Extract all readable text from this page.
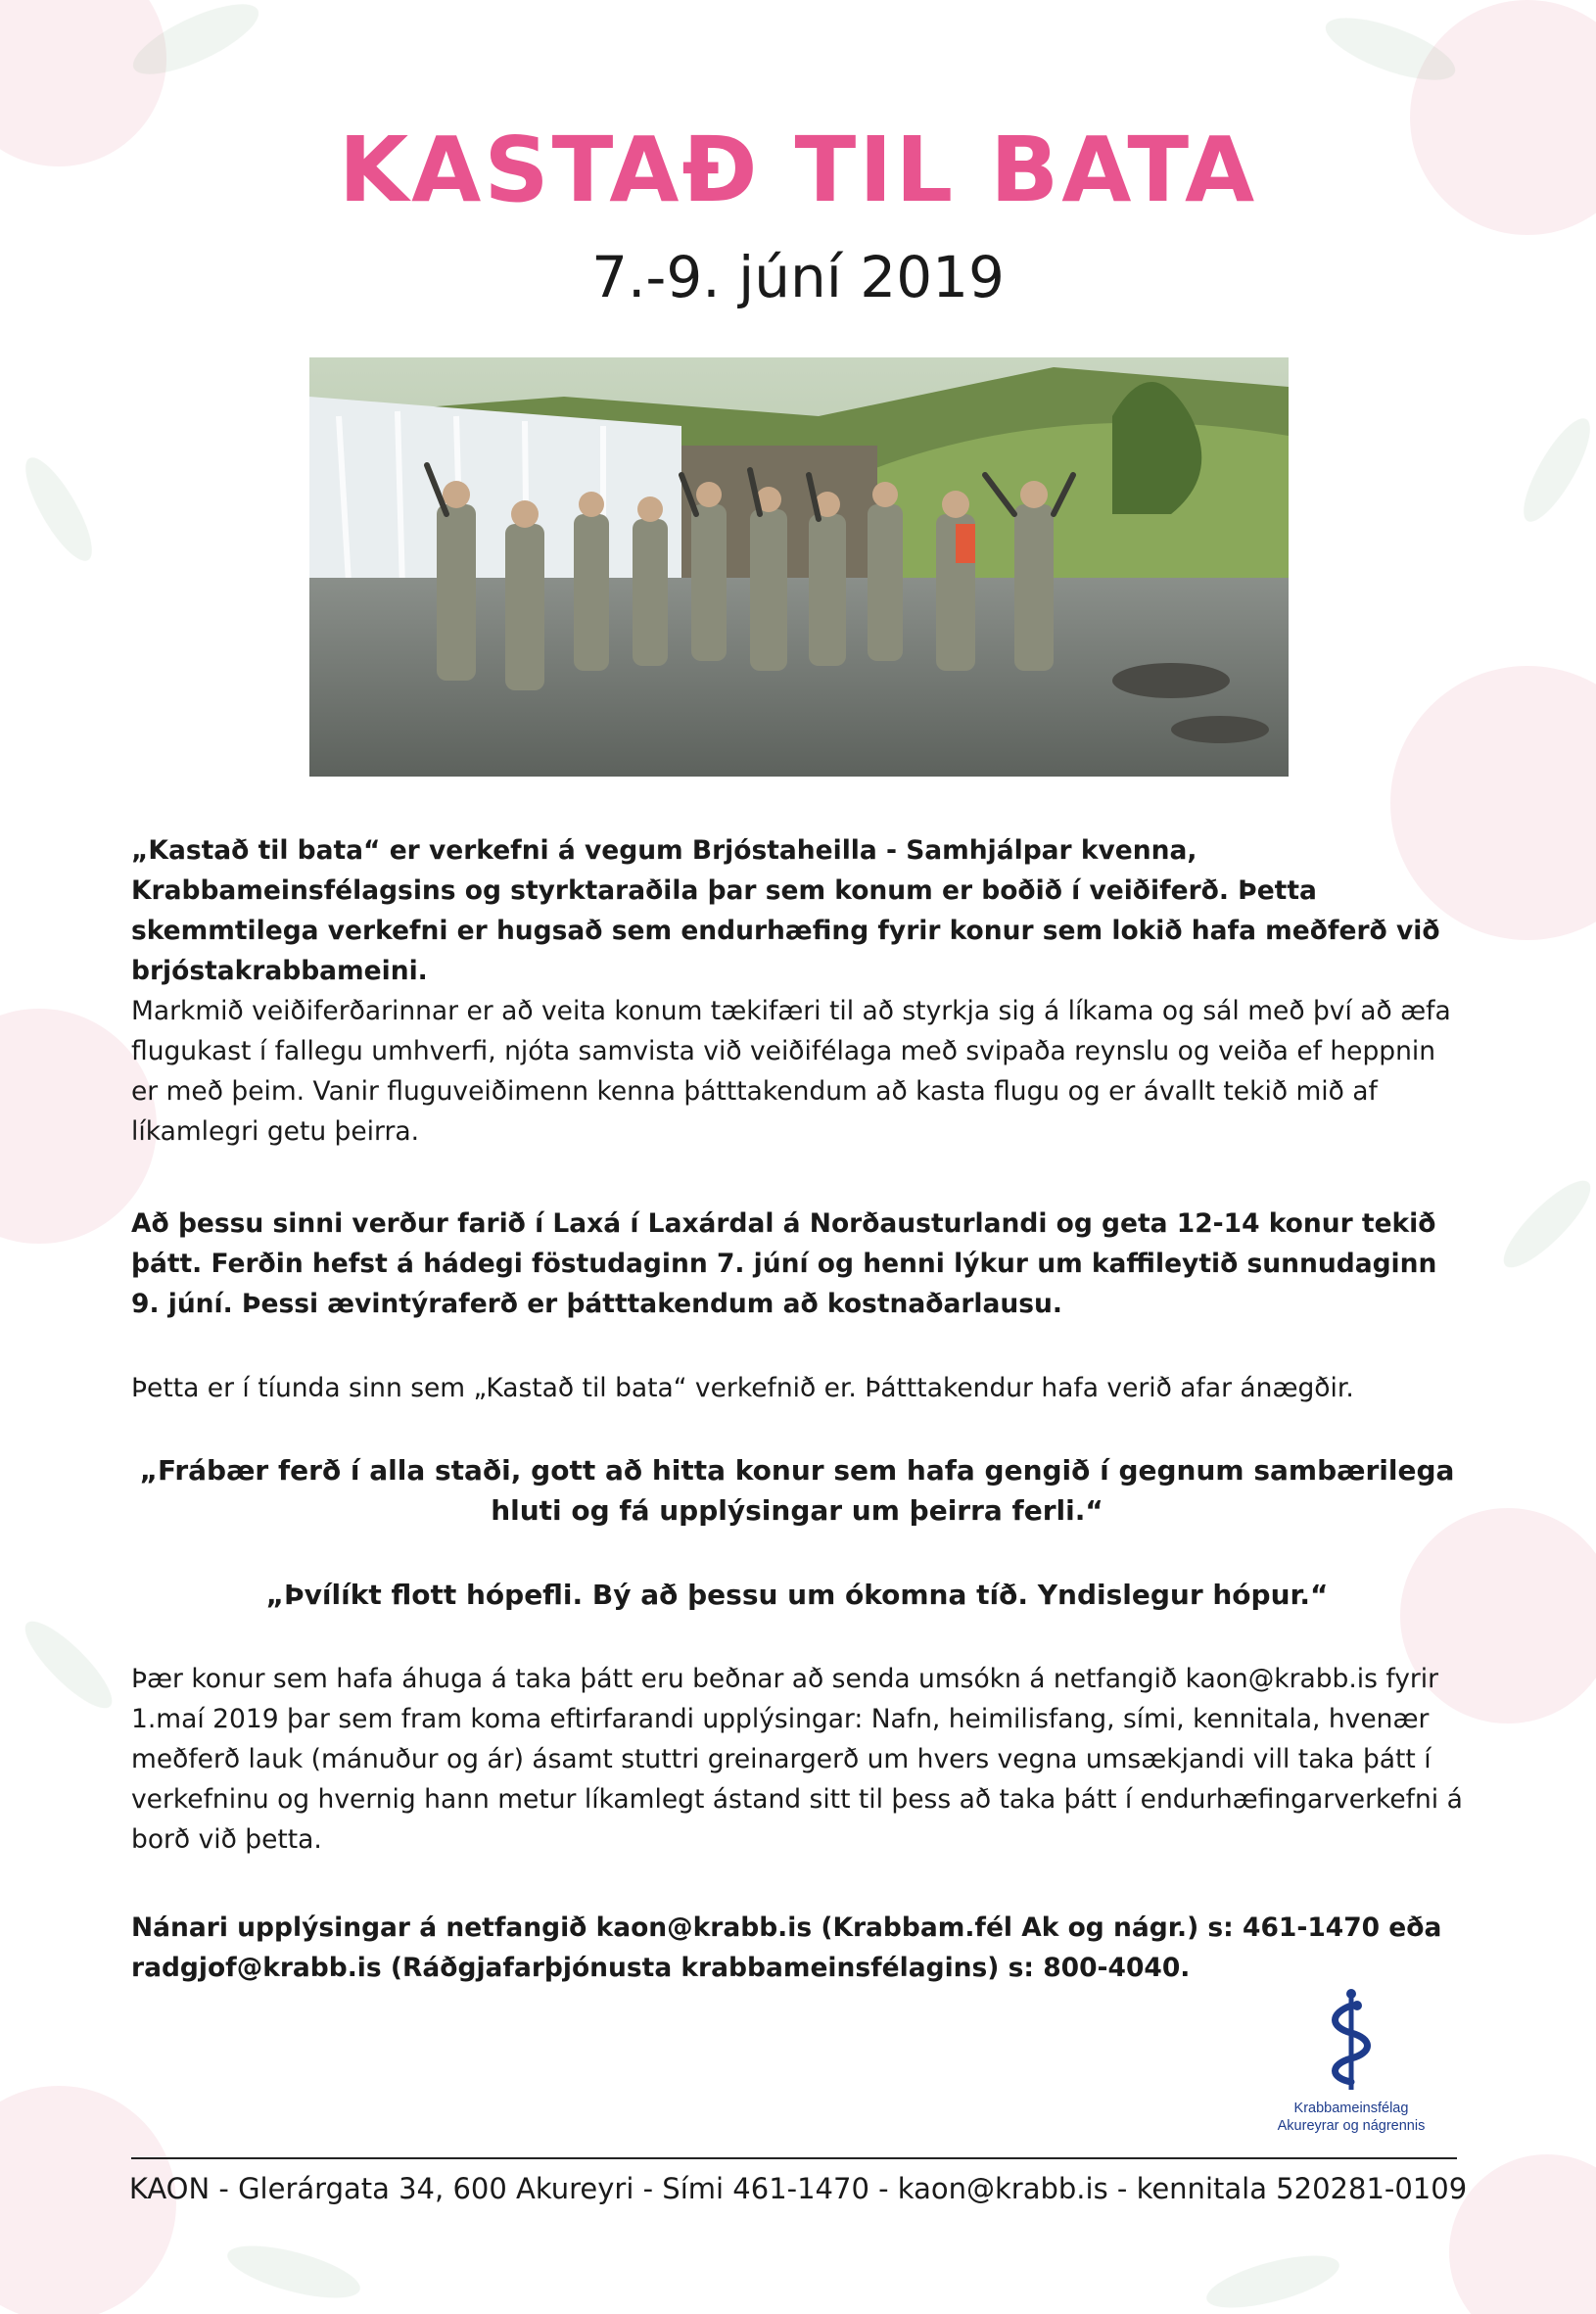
KASTAÐ TIL BATA
7.-9. júní 2019

„Kastað til bata“ er verkefni á vegum Brjóstaheilla - Samhjálpar kvenna, Krabbameinsfélagsins og styrktaraðila þar sem konum er boðið í veiðiferð. Þetta skemmtilega verkefni er hugsað sem endurhæfing fyrir konur sem lokið hafa meðferð við brjóstakrabbameini.

Markmið veiðiferðarinnar er að veita konum tækifæri til að styrkja sig á líkama og sál með því að æfa flugukast í fallegu umhverfi, njóta samvista við veiðifélaga með svipaða reynslu og veiða ef heppnin er með þeim. Vanir fluguveiðimenn kenna þátttakendum að kasta flugu og er ávallt tekið mið af líkamlegri getu þeirra.

Að þessu sinni verður farið í Laxá í Laxárdal á Norðausturlandi og geta 12-14 konur tekið þátt. Ferðin hefst á hádegi föstudaginn 7. júní og henni lýkur um kaffileytið sunnudaginn 9. júní. Þessi ævintýraferð er þátttakendum að kostnaðarlausu.

Þetta er í tíunda sinn sem „Kastað til bata“ verkefnið er. Þátttakendur hafa verið afar ánægðir.

„Frábær ferð í alla staði, gott að hitta konur sem hafa gengið í gegnum sambærilega hluti og fá upplýsingar um þeirra ferli.“

„Þvílíkt flott hópefli. Bý að þessu um ókomna tíð. Yndislegur hópur.“

Þær konur sem hafa áhuga á taka þátt eru beðnar að senda umsókn á netfangið kaon@krabb.is fyrir 1.maí 2019 þar sem fram koma eftirfarandi upplýsingar: Nafn, heimilisfang, sími, kennitala, hvenær meðferð lauk (mánuður og ár) ásamt stuttri greinargerð um hvers vegna umsækjandi vill taka þátt í verkefninu og hvernig hann metur líkamlegt ástand sitt til þess að taka þátt í endurhæfingarverkefni á borð við þetta.

Nánari upplýsingar á netfangið kaon@krabb.is (Krabbam.fél Ak og nágr.) s: 461-1470 eða radgjof@krabb.is (Ráðgjafarþjónusta krabbameinsfélagins) s: 800-4040.

Krabbameinsfélag
Akureyrar og nágrennis
KAON - Glerárgata 34, 600 Akureyri - Sími 461-1470 - kaon@krabb.is - kennitala 520281-0109
